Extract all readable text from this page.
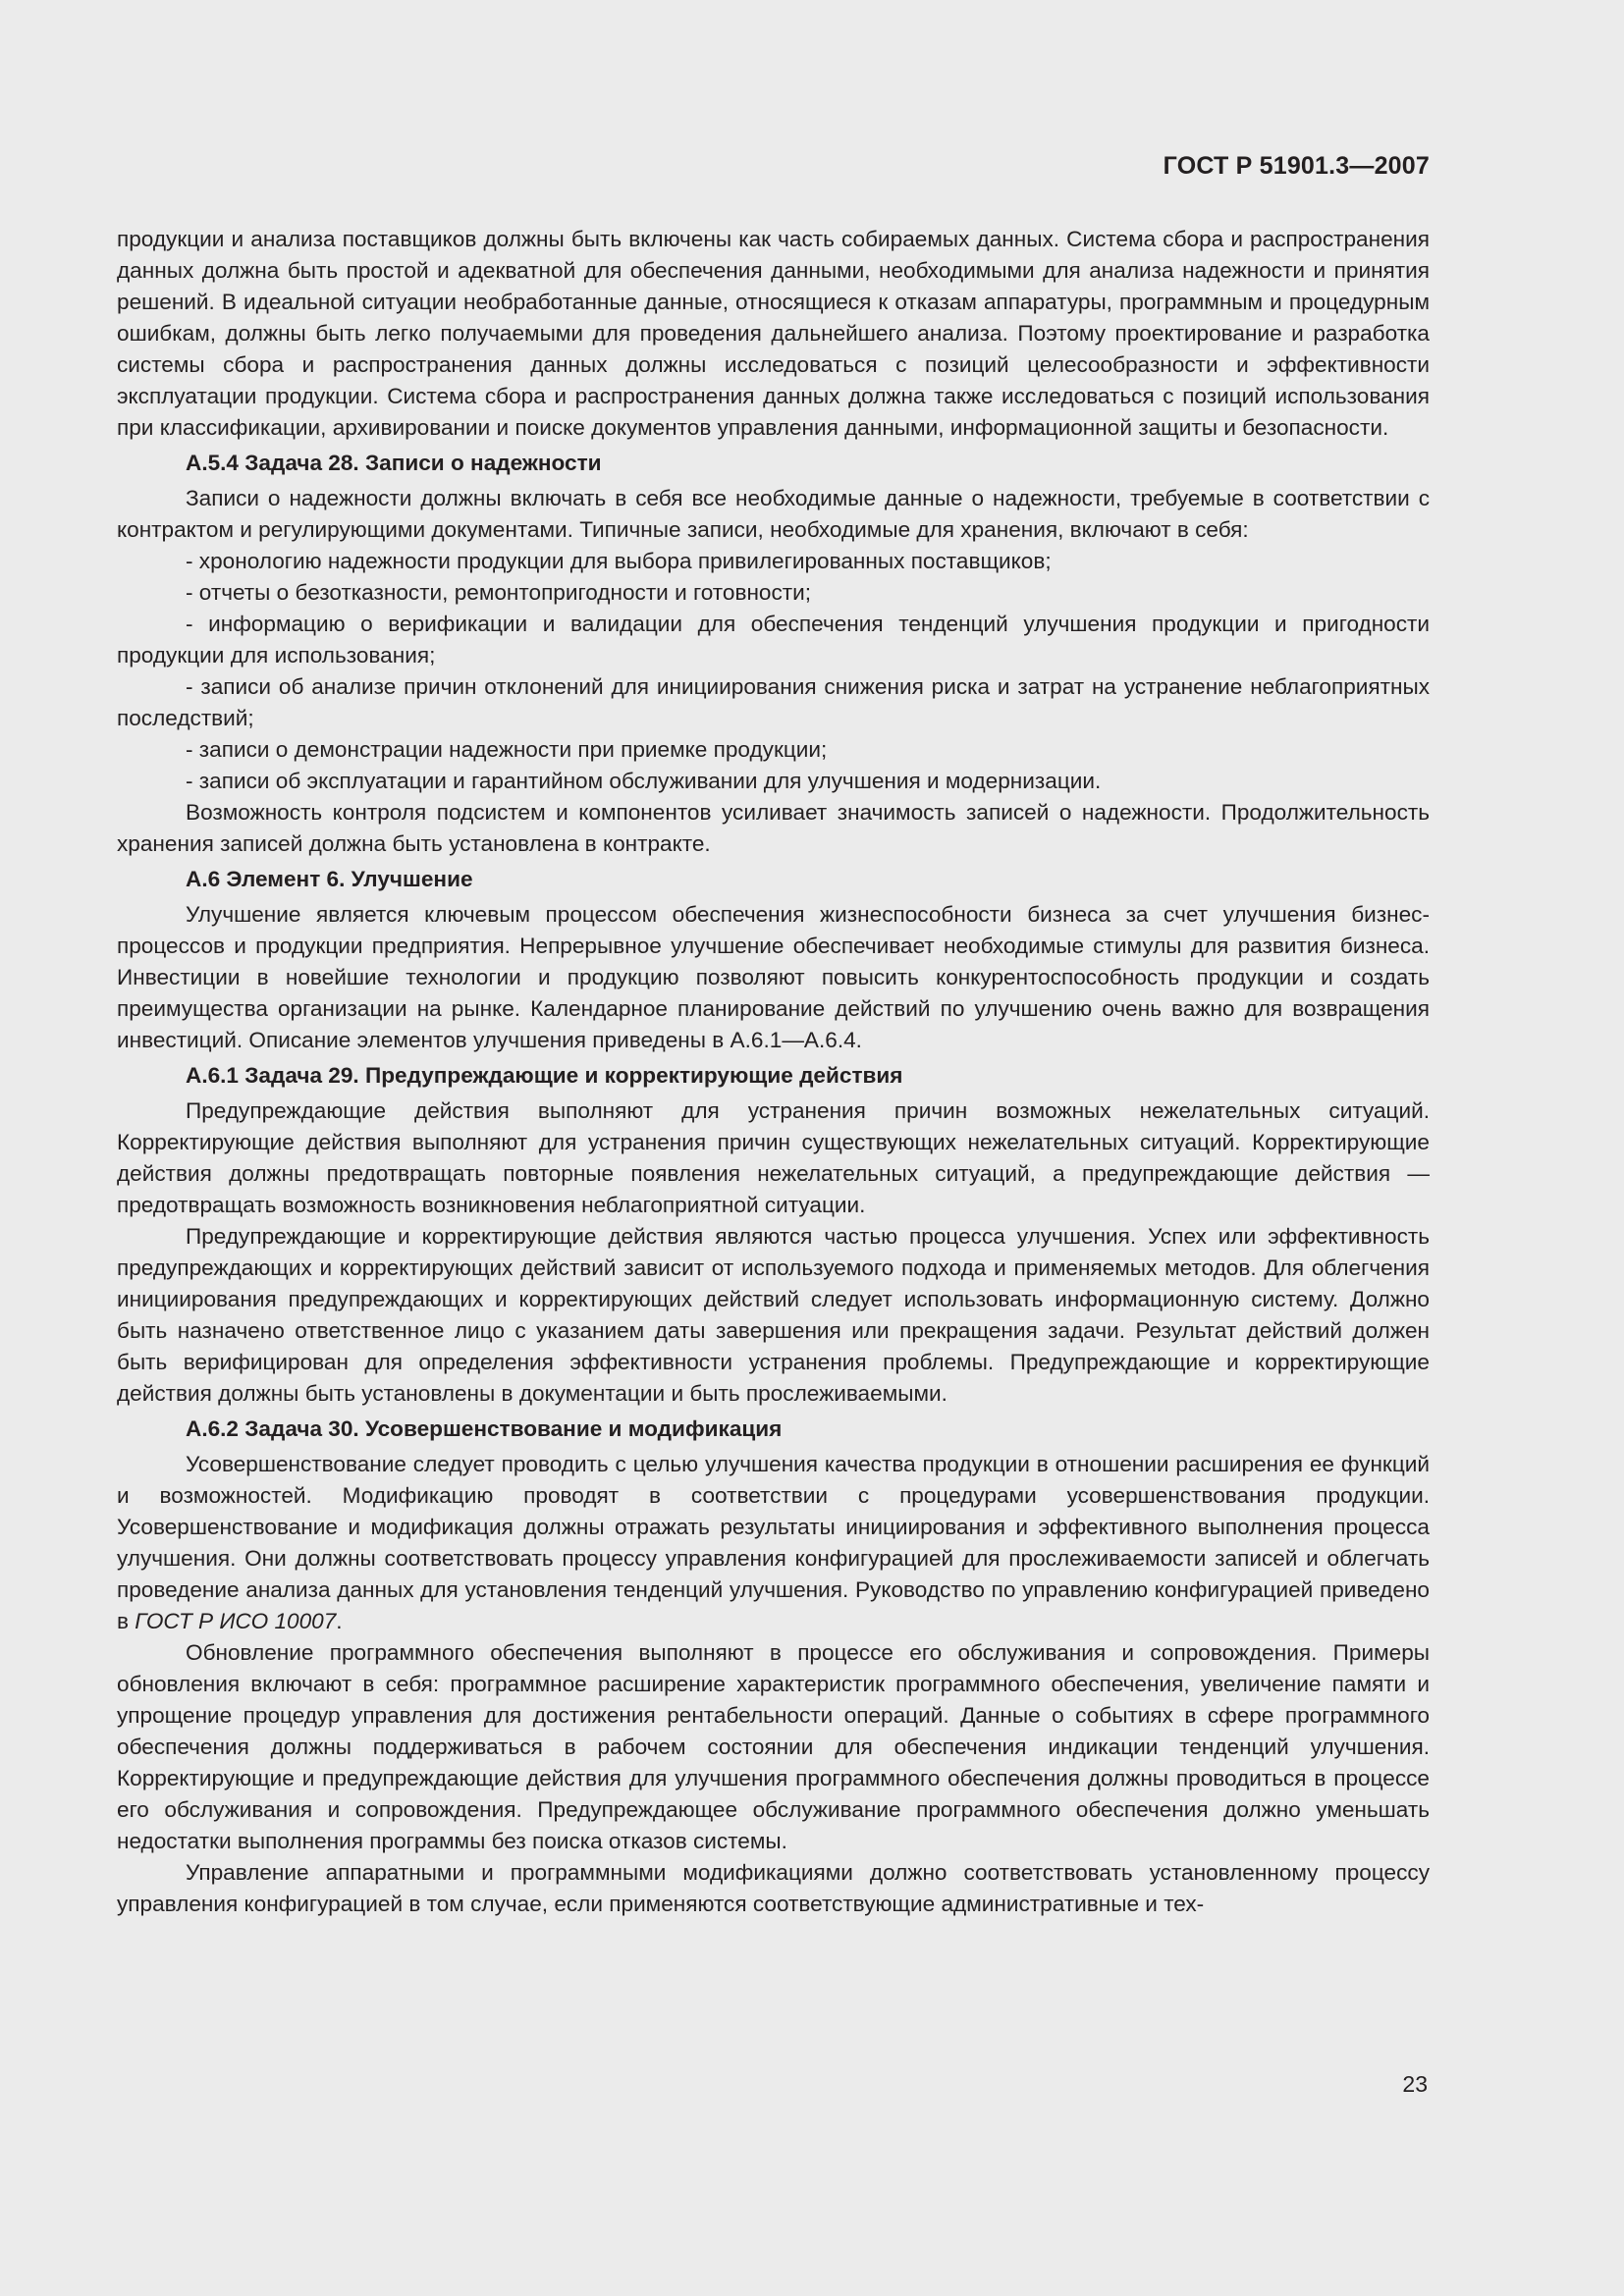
ГОСТ Р 51901.3—2007

продукции и анализа поставщиков должны быть включены как часть собираемых данных. Система сбора и распространения данных должна быть простой и адекватной для обеспечения данными, необходимыми для анализа надежности и принятия решений. В идеальной ситуации необработанные данные, относящиеся к отказам аппаратуры, программным и процедурным ошибкам, должны быть легко получаемыми для проведения дальнейшего анализа. Поэтому проектирование и разработка системы сбора и распространения данных должны исследоваться с позиций целесообразности и эффективности эксплуатации продукции. Система сбора и распространения данных должна также исследоваться с позиций использования при классификации, архивировании и поиске документов управления данными, информационной защиты и безопасности.

А.5.4 Задача 28. Записи о надежности

Записи о надежности должны включать в себя все необходимые данные о надежности, требуемые в соответствии с контрактом и регулирующими документами. Типичные записи, необходимые для хранения, включают в себя:

- хронологию надежности продукции для выбора привилегированных поставщиков;

- отчеты о безотказности, ремонтопригодности и готовности;

- информацию о верификации и валидации для обеспечения тенденций улучшения продукции и пригодности продукции для использования;

- записи об анализе причин отклонений для инициирования снижения риска и затрат на устранение неблагоприятных последствий;

- записи о демонстрации надежности при приемке продукции;

- записи об эксплуатации и гарантийном обслуживании для улучшения и модернизации.

Возможность контроля подсистем и компонентов усиливает значимость записей о надежности. Продолжительность хранения записей должна быть установлена в контракте.

А.6 Элемент 6. Улучшение

Улучшение является ключевым процессом обеспечения жизнеспособности бизнеса за счет улучшения бизнес-процессов и продукции предприятия. Непрерывное улучшение обеспечивает необходимые стимулы для развития бизнеса. Инвестиции в новейшие технологии и продукцию позволяют повысить конкурентоспособность продукции и создать преимущества организации на рынке. Календарное планирование действий по улучшению очень важно для возвращения инвестиций. Описание элементов улучшения приведены в А.6.1—А.6.4.

А.6.1 Задача 29. Предупреждающие и корректирующие действия

Предупреждающие действия выполняют для устранения причин возможных нежелательных ситуаций. Корректирующие действия выполняют для устранения причин существующих нежелательных ситуаций. Корректирующие действия должны предотвращать повторные появления нежелательных ситуаций, а предупреждающие действия — предотвращать возможность возникновения неблагоприятной ситуации.

Предупреждающие и корректирующие действия являются частью процесса улучшения. Успех или эффективность предупреждающих и корректирующих действий зависит от используемого подхода и применяемых методов. Для облегчения инициирования предупреждающих и корректирующих действий следует использовать информационную систему. Должно быть назначено ответственное лицо с указанием даты завершения или прекращения задачи. Результат действий должен быть верифицирован для определения эффективности устранения проблемы. Предупреждающие и корректирующие действия должны быть установлены в документации и быть прослеживаемыми.

А.6.2 Задача 30. Усовершенствование и модификация

Усовершенствование следует проводить с целью улучшения качества продукции в отношении расширения ее функций и возможностей. Модификацию проводят в соответствии с процедурами усовершенствования продукции. Усовершенствование и модификация должны отражать результаты инициирования и эффективного выполнения процесса улучшения. Они должны соответствовать процессу управления конфигурацией для прослеживаемости записей и облегчать проведение анализа данных для установления тенденций улучшения. Руководство по управлению конфигурацией приведено в ГОСТ Р ИСО 10007.

Обновление программного обеспечения выполняют в процессе его обслуживания и сопровождения. Примеры обновления включают в себя: программное расширение характеристик программного обеспечения, увеличение памяти и упрощение процедур управления для достижения рентабельности операций. Данные о событиях в сфере программного обеспечения должны поддерживаться в рабочем состоянии для обеспечения индикации тенденций улучшения. Корректирующие и предупреждающие действия для улучшения программного обеспечения должны проводиться в процессе его обслуживания и сопровождения. Предупреждающее обслуживание программного обеспечения должно уменьшать недостатки выполнения программы без поиска отказов системы.

Управление аппаратными и программными модификациями должно соответствовать установленному процессу управления конфигурацией в том случае, если применяются соответствующие административные и тех-

23
